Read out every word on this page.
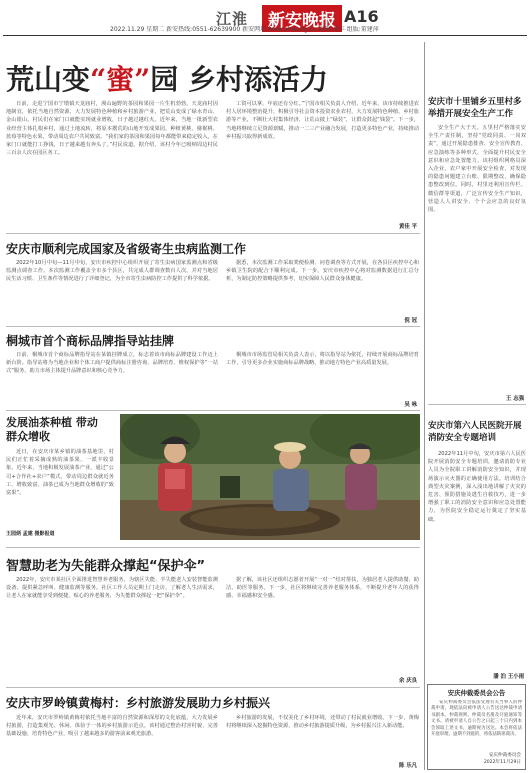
江淮	新安晚报 A16
2022.11.29 星期二 新安热线:0551-62639900 新安网址:www.ahwang.cn 编辑:胡丰 组版:董建萍
荒山变“蜜”园 乡村添活力
日前，走进宁国市宁墩镇天龙庙村，漫山遍野的茶园和果园一片生机勃勃。天龙庙村因地制宜，依托当地自然资源，大力发展特色种植和乡村旅游产业，把荒山变成了绿水青山、金山银山。村民们在家门口就能实现就业增收，日子越过越红火。近年来，当地一批新型农业经营主体扎根乡村，通过土地流转，将原本撂荒的山地开发成果园，种植黄桃、猕猴桃、蓝莓等特色水果，带动周边农户共同致富。“我们家的茶园和果园每年都能带来稳定收入，在家门口就能打工挣钱，日子越来越有奔头了。”村民说道。据介绍，该村今年已吸纳周边村民三百余人次在园区务工。
工资可以拿，年底还有分红。”宁国市相关负责人介绍，近年来，该市持续推进农村人居环境整治提升，积极引导社会资本投资农业农村，大力发展特色种植、乡村旅游等产业，不断壮大村集体经济，让荒山披上“绿装”，让群众鼓起“钱袋”。下一步，当地将继续立足资源禀赋，推动一二三产业融合发展，打造更多特色产业，持续推动乡村振兴取得新成效。
黄佳 平
安庆市顺利完成国家及省级寄生虫病监测工作
2022年10月中旬—11月中旬，安庆市疾控中心组织开展了寄生虫病国家监测点和省级监测点调查工作。本次监测工作覆盖全市多个县区，共完成人群调查数百人次，并对当地居民生活习惯、卫生条件等情况进行了详细登记，为全市寄生虫病防控工作提供了科学依据。
据悉，本次监测工作采取粪便检测、问卷调查等方式开展，在各县区疾控中心和乡镇卫生院的配合下顺利完成。下一步，安庆市疾控中心将对监测数据进行汇总分析，为制定防控策略提供参考，切实保障人民群众身体健康。
倪 冠
桐城市首个商标品牌指导站挂牌
日前，桐城市首个商标品牌指导站在某镇挂牌成立，标志着该市商标品牌建设工作迈上新台阶。指导站将为当地企业和个体工商户提供商标注册咨询、品牌培育、维权保护等“一站式”服务，助力市场主体提升品牌意识和核心竞争力。
桐城市市场监管局相关负责人表示，将以指导站为依托，持续开展商标品牌培育工作，引导更多企业实施商标品牌战略，推动地方特色产业高质量发展。
吴 咏
发展油茶种植 带动群众增收
近日，在安庆市某乡镇的油茶基地里，村民们正忙着采摘成熟的油茶果，一派丰收景象。近年来，当地积极发展油茶产业，通过“公司+合作社+农户”模式，带动周边群众就近务工、增收致富，油茶已成为当地群众增收的“致富果”。
王园炳 孟建 摄影报道
智慧助老为失能群众撑起“保护伞”
2022年，安庆市某社区全面推进智慧养老服务，为辖区失能、半失能老人安装智能监测设备，提供紧急呼叫、健康监测等服务。社区工作人员定期上门走访，了解老人生活需求，让老人在家就能享受到便捷、贴心的养老服务，为失能群众撑起一把“保护伞”。
据了解，该社区还组织志愿者开展“一对一”结对帮扶，为独居老人提供助餐、助洁、助医等服务。下一步，社区将继续完善养老服务体系，不断提升老年人的获得感、幸福感和安全感。
余 庆良
安庆市罗岭镇黄梅村：乡村旅游发展助力乡村振兴
近年来，安庆市罗岭镇黄梅村依托当地丰富的自然资源和深厚的文化底蕴，大力发展乡村旅游，打造集观光、休闲、体验于一体的乡村旅游示范点。该村通过整治村容村貌、完善基础设施、培育特色产业，吸引了越来越多的游客前来观光旅游。
乡村旅游的发展，不仅美化了乡村环境，还带动了村民就业增收。下一步，黄梅村将继续深入挖掘特色资源，推动乡村旅游提质升级，为乡村振兴注入新动能。
陈 乐凡
安庆市十里铺乡五里村多举措开展安全生产工作
安全生产大于天。五里村严格落实安全生产责任制，坚持“党政同责、一岗双责”，通过开展隐患排查、安全宣传教育、应急演练等多种形式，全面提升村民安全意识和应急处置能力。该村组织网格员深入企业、农户家中开展安全检查，对发现的隐患问题建立台账、限期整改，确保隐患整改到位。同时，村里还利用宣传栏、微信群等渠道，广泛宣传安全生产知识，营造人人讲安全、个个会应急的良好氛围。
王 志强
安庆市第六人民医院开展消防安全专题培训
2022年11月中旬，安庆市第六人民医院开展消防安全专题培训，邀请消防专业人员为全院职工讲解消防安全知识，并现场演示灭火器的正确使用方法。培训结合典型火灾案例，深入浅出地讲解了火灾的危害、预防措施及逃生自救技巧，进一步增强了职工的消防安全意识和应急处置能力，为医院安全稳定运行奠定了坚实基础。
潘 泊 王小雨
安庆仲裁委员会公告
安庆仲裁委员会依法受理有关当事人的仲裁申请，现依法向被申请人公告送达仲裁申请书副本、仲裁规则、仲裁员名册及开庭通知等文书。请被申请人自公告之日起三十日内到本会领取上述文书，逾期视为送达。本会将依法开庭审理，逾期不到庭的，将依法缺席裁决。
安庆仲裁委员会
2022年11月29日
